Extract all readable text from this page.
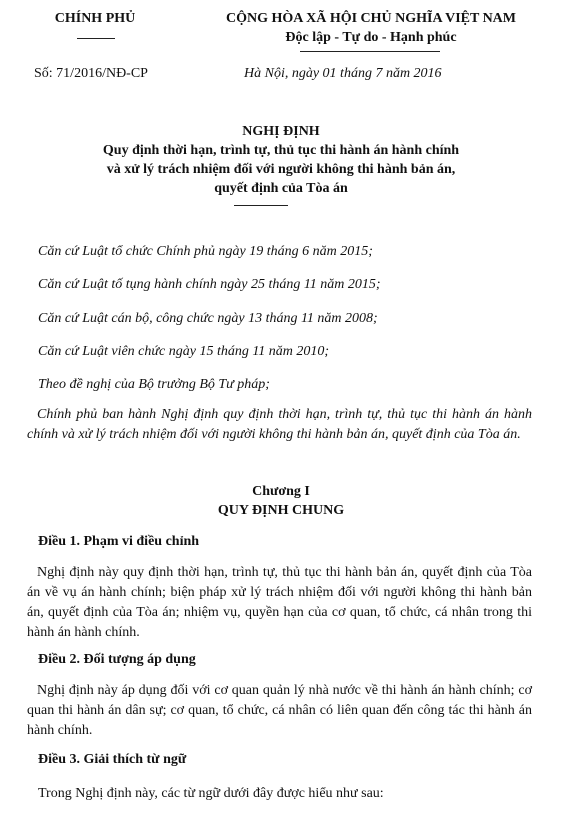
CHÍNH PHỦ	CỘNG HÒA XÃ HỘI CHỦ NGHĨA VIỆT NAM
Độc lập - Tự do - Hạnh phúc
Số: 71/2016/NĐ-CP	Hà Nội, ngày 01 tháng 7 năm 2016
NGHỊ ĐỊNH
Quy định thời hạn, trình tự, thủ tục thi hành án hành chính
và xử lý trách nhiệm đối với người không thi hành bản án,
quyết định của Tòa án
Căn cứ Luật tổ chức Chính phủ ngày 19 tháng 6 năm 2015;
Căn cứ Luật tố tụng hành chính ngày 25 tháng 11 năm 2015;
Căn cứ Luật cán bộ, công chức ngày 13 tháng 11 năm 2008;
Căn cứ Luật viên chức ngày 15 tháng 11 năm 2010;
Theo đề nghị của Bộ trưởng Bộ Tư pháp;
Chính phủ ban hành Nghị định quy định thời hạn, trình tự, thủ tục thi hành án hành chính và xử lý trách nhiệm đối với người không thi hành bản án, quyết định của Tòa án.
Chương I
QUY ĐỊNH CHUNG
Điều 1. Phạm vi điều chỉnh
Nghị định này quy định thời hạn, trình tự, thủ tục thi hành bản án, quyết định của Tòa án về vụ án hành chính; biện pháp xử lý trách nhiệm đối với người không thi hành bản án, quyết định của Tòa án; nhiệm vụ, quyền hạn của cơ quan, tổ chức, cá nhân trong thi hành án hành chính.
Điều 2. Đối tượng áp dụng
Nghị định này áp dụng đối với cơ quan quản lý nhà nước về thi hành án hành chính; cơ quan thi hành án dân sự; cơ quan, tổ chức, cá nhân có liên quan đến công tác thi hành án hành chính.
Điều 3. Giải thích từ ngữ
Trong Nghị định này, các từ ngữ dưới đây được hiểu như sau:
